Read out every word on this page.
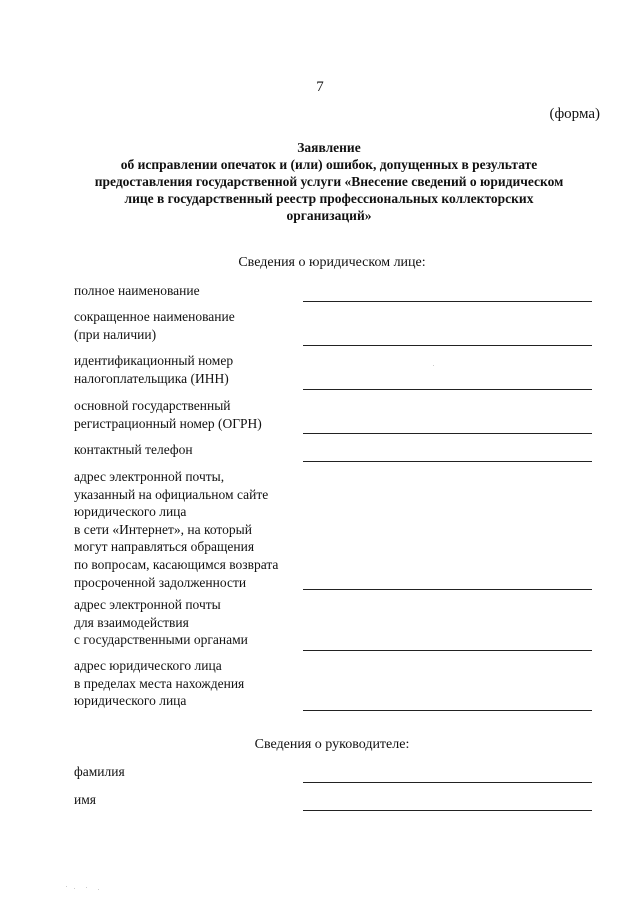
7
(форма)
Заявление
об исправлении опечаток и (или) ошибок, допущенных в результате
предоставления государственной услуги «Внесение сведений о юридическом
лице в государственный реестр профессиональных коллекторских
организаций»
Сведения о юридическом лице:
полное наименование
сокращенное наименование
(при наличии)
идентификационный номер
налогоплательщика (ИНН)
основной государственный
регистрационный номер (ОГРН)
контактный телефон
адрес электронной почты,
указанный на официальном сайте
юридического лица
в сети «Интернет», на который
могут направляться обращения
по вопросам, касающимся возврата
просроченной задолженности
адрес электронной почты
для взаимодействия
с государственными органами
адрес юридического лица
в пределах места нахождения
юридического лица
Сведения о руководителе:
фамилия
имя
